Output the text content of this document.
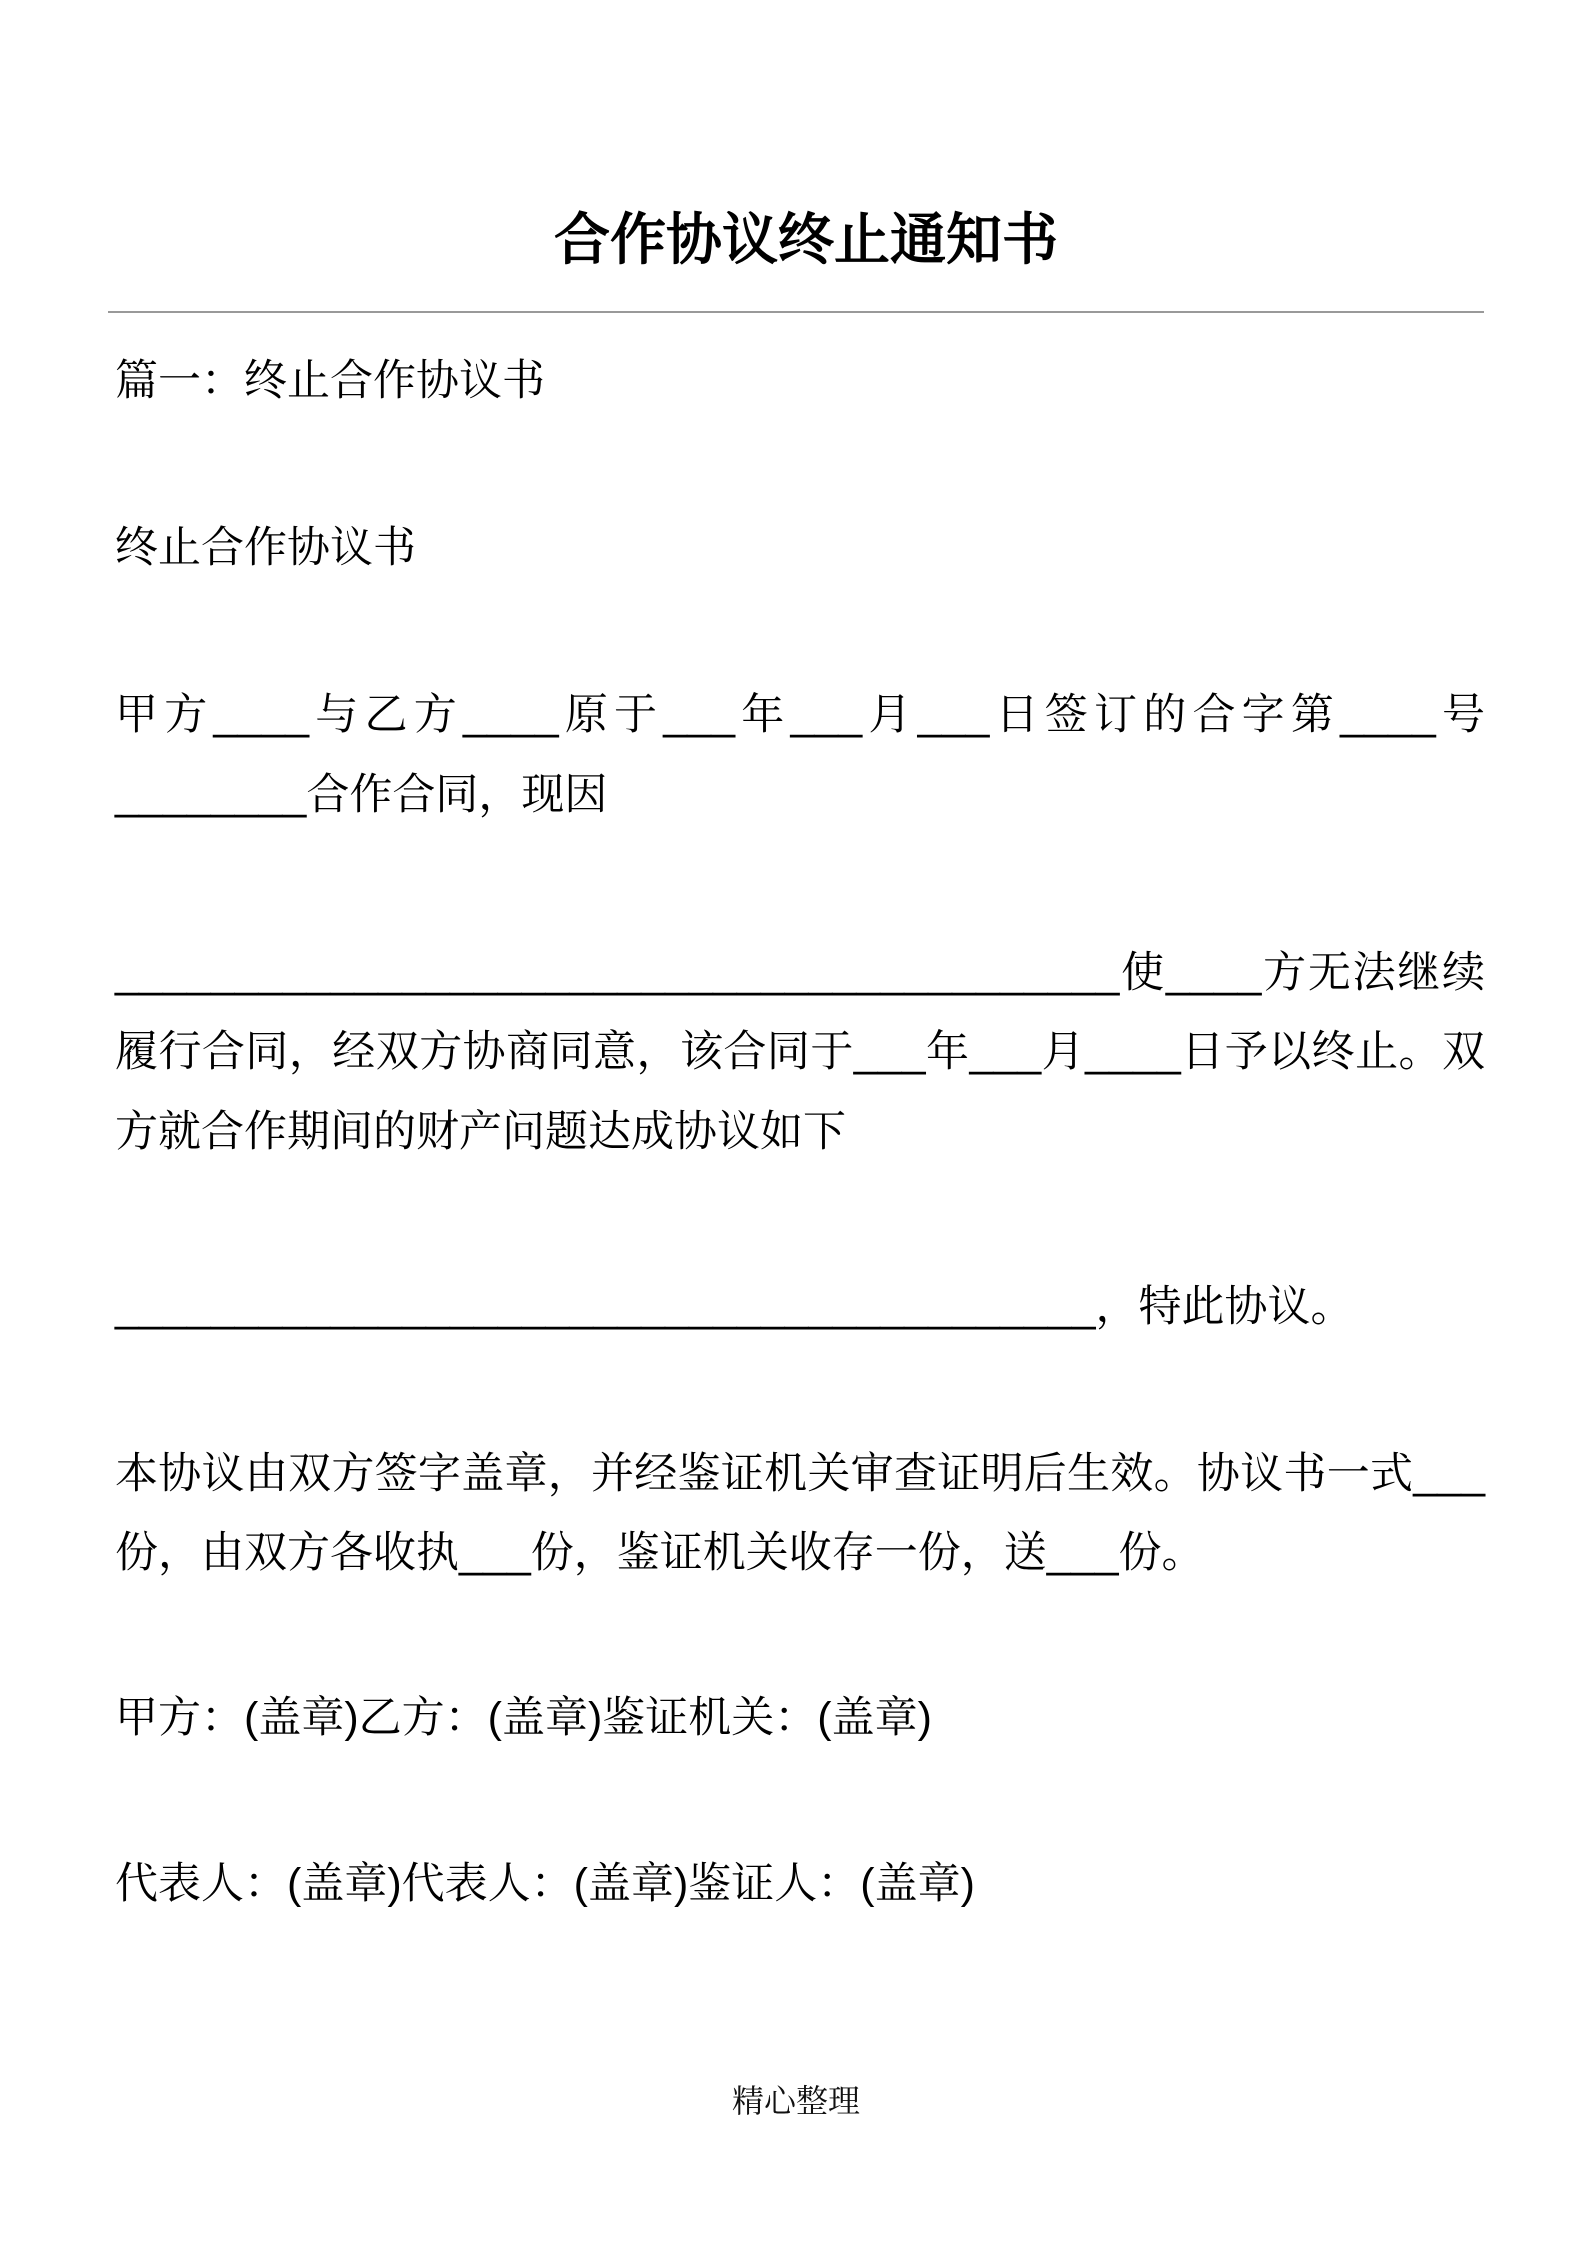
合作协议终止通知书
篇一：终止合作协议书
终止合作协议书
甲方____与乙方____原于___年___月___日签订的合字第____号
________合作合同，现因
__________________________________________使____方无法继续
履行合同，经双方协商同意，该合同于___年___月____日予以终止。双
方就合作期间的财产问题达成协议如下
_________________________________________，特此协议。
本协议由双方签字盖章，并经鉴证机关审查证明后生效。协议书一式___
份，由双方各收执___份，鉴证机关收存一份，送___份。
甲方：(盖章)乙方：(盖章)鉴证机关：(盖章)
代表人：(盖章)代表人：(盖章)鉴证人：(盖章)
精心整理
